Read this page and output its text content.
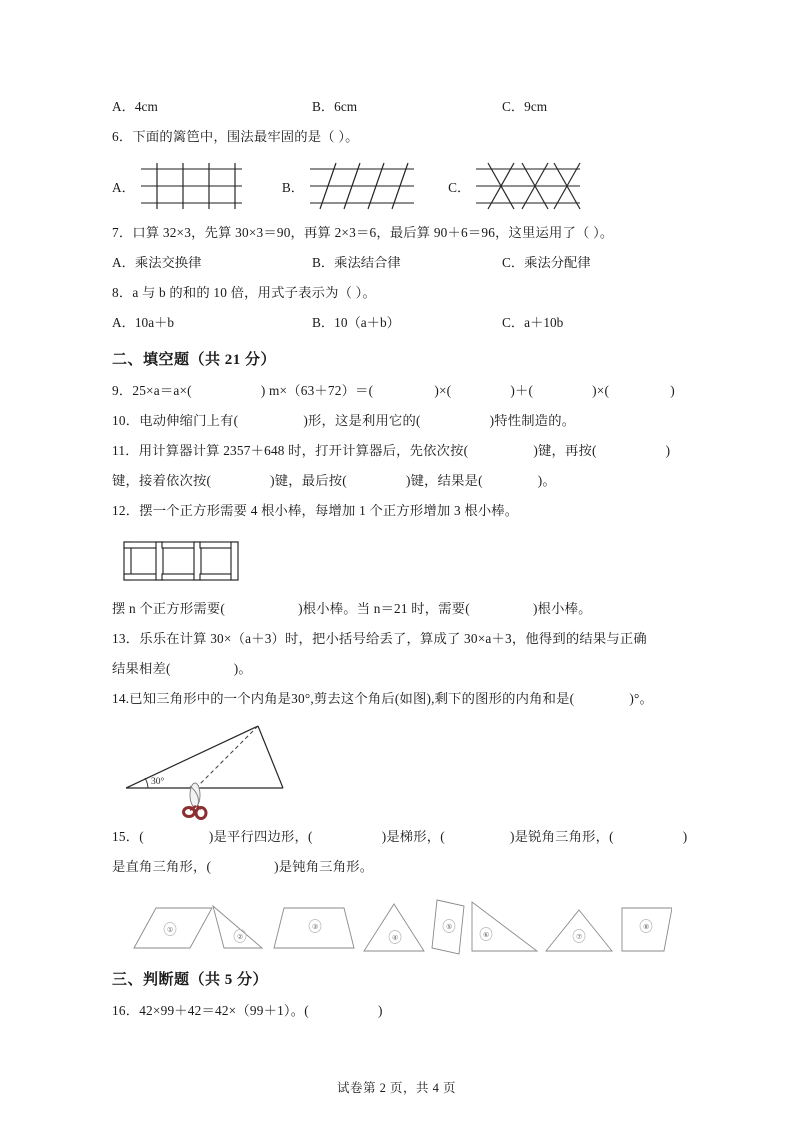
A．4cm	B．6cm	C．9cm
6．下面的篱笆中，围法最牢固的是（ ）。
A．	B．	C．
7．口算 32×3，先算 30×3＝90，再算 2×3＝6，最后算 90＋6＝96，这里运用了（ ）。
A．乘法交换律	B．乘法结合律	C．乘法分配律
8．a 与 b 的和的 10 倍，用式子表示为（ ）。
A．10a＋b	B．10（a＋b）	C．a＋10b
二、填空题（共 21 分）
9．25×a＝a×(	) m×（63＋72）＝(	)×(	)＋(	)×(	)
10．电动伸缩门上有(	)形，这是利用它的(	)特性制造的。
11．用计算器计算 2357＋648 时，打开计算器后，先依次按(	)键，再按(	)
键，接着依次按(	)键，最后按(	)键，结果是(	)。
12．摆一个正方形需要 4 根小棒，每增加 1 个正方形增加 3 根小棒。
摆 n 个正方形需要(	)根小棒。当 n＝21 时，需要(	)根小棒。
13．乐乐在计算 30×（a＋3）时，把小括号给丢了，算成了 30×a＋3，他得到的结果与正确
结果相差(	)。
14.已知三角形中的一个内角是30°,剪去这个角后(如图),剩下的图形的内角和是(	)°。
30°
15．(	)是平行四边形，(	)是梯形，(	)是锐角三角形，(	)
是直角三角形，(	)是钝角三角形。
①
②
③
④
⑤
⑥	⑦
⑧
三、判断题（共 5 分）
16．42×99＋42＝42×（99＋1）。(	)
试卷第 2 页，共 4 页
